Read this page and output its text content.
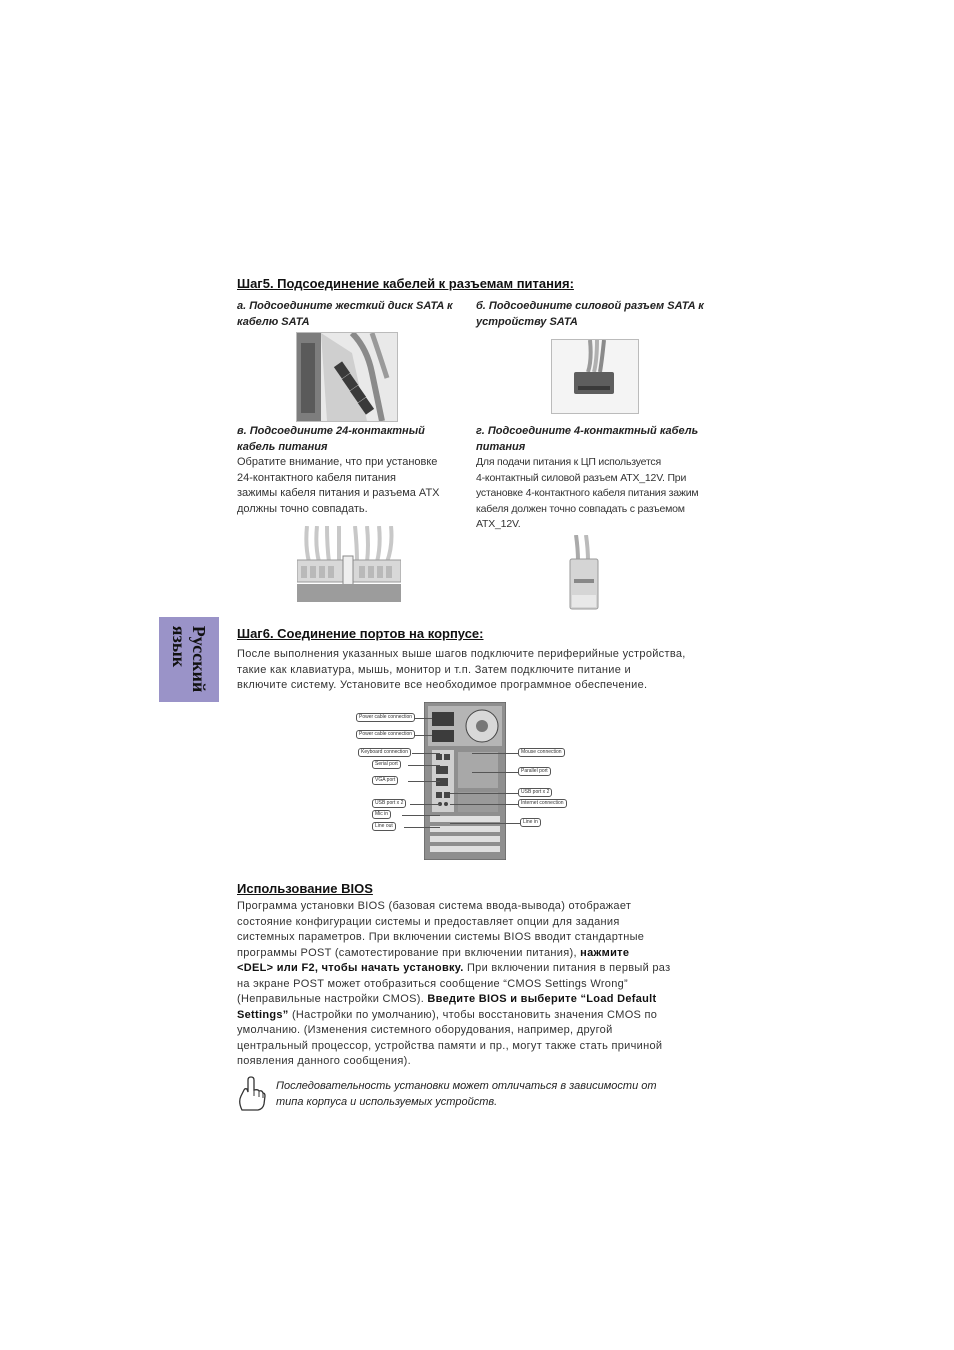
Русский
язык
Шаг5. Подсоединение кабелей к разъемам питания:
а. Подсоедините жесткий диск SATA к
кабелю SATA
б. Подсоедините силовой разъем SATA к
устройству SATA
в. Подсоедините 24-контактный
кабель питания
Обратите внимание, что при установке
24-контактного кабеля питания
зажимы кабеля питания и разъема ATX
должны точно совпадать.
г. Подсоедините 4-контактный кабель
питания
Для подачи питания к ЦП используется
4-контактный силовой разъем ATX_12V. При
установке 4-контактного кабеля питания зажим
кабеля должен точно совпадать с разъемом
ATX_12V.
Шаг6. Соединение портов на корпусе:
После выполнения указанных выше шагов подключите периферийные устройства,
такие как клавиатура, мышь, монитор и т.п. Затем подключите питание и
включите систему. Установите все необходимое программное обеспечение.
Power cable connection
Power cable connection
Keyboard connection
Serial port
VGA port
USB port x 2
Mic in
Line out
Mouse connection
Parallel port
USB port x 2
Internet connection
Line in
Использование BIOS
Программа установки BIOS (базовая система ввода-вывода) отображает
состояние конфигурации системы и предоставляет опции для задания
системных параметров. При включении системы BIOS вводит стандартные
программы POST (самотестирование при включении питания), нажмите
<DEL> или F2, чтобы начать установку. При включении питания в первый раз
на экране POST может отобразиться сообщение “CMOS Settings Wrong”
(Неправильные настройки CMOS). Введите BIOS и выберите “Load Default
Settings” (Настройки по умолчанию), чтобы восстановить значения CMOS по
умолчанию. (Изменения системного оборудования, например, другой
центральный процессор, устройства памяти и пр., могут также стать причиной
появления данного сообщения).
Последовательность установки может отличаться в зависимости от
типа корпуса и используемых устройств.
